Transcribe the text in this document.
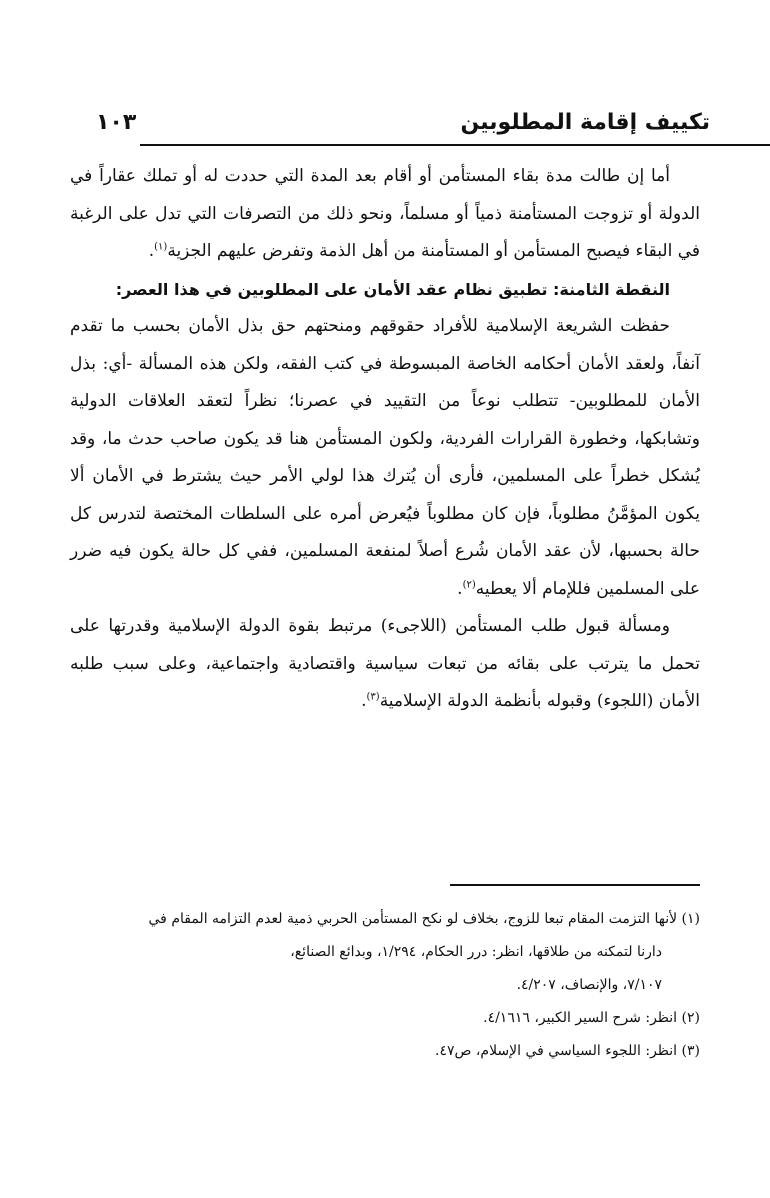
تكييف إقامة المطلوبين
١٠٣

أما إن طالت مدة بقاء المستأمن أو أقام بعد المدة التي حددت له أو تملك عقاراً في الدولة أو تزوجت المستأمنة ذمياً أو مسلماً، ونحو ذلك من التصرفات التي تدل على الرغبة في البقاء فيصبح المستأمن أو المستأمنة من أهل الذمة وتفرض عليهم الجزية$^{(١)}$.

النقطة الثامنة: تطبيق نظام عقد الأمان على المطلوبين في هذا العصر:

حفظت الشريعة الإسلامية للأفراد حقوقهم ومنحتهم حق بذل الأمان بحسب ما تقدم آنفاً، ولعقد الأمان أحكامه الخاصة المبسوطة في كتب الفقه، ولكن هذه المسألة -أي: بذل الأمان للمطلوبين- تتطلب نوعاً من التقييد في عصرنا؛ نظراً لتعقد العلاقات الدولية وتشابكها، وخطورة القرارات الفردية، ولكون المستأمن هنا قد يكون صاحب حدث ما، وقد يُشكل خطراً على المسلمين، فأرى أن يُترك هذا لولي الأمر حيث يشترط في الأمان ألا يكون المؤمَّنُ مطلوباً، فإن كان مطلوباً فيُعرض أمره على السلطات المختصة لتدرس كل حالة بحسبها، لأن عقد الأمان شُرع أصلاً لمنفعة المسلمين، ففي كل حالة يكون فيه ضرر على المسلمين فللإمام ألا يعطيه$^{(٢)}$.

ومسألة قبول طلب المستأمن (اللاجىء) مرتبط بقوة الدولة الإسلامية وقدرتها على تحمل ما يترتب على بقائه من تبعات سياسية واقتصادية واجتماعية، وعلى سبب طلبه الأمان (اللجوء) وقبوله بأنظمة الدولة الإسلامية$^{(٣)}$.

(١) لأنها التزمت المقام تبعا للزوج، بخلاف لو نكح المستأمن الحربي ذمية لعدم التزامه المقام في
دارنا لتمكنه من طلاقها، انظر: درر الحكام، ١/٢٩٤، وبدائع الصنائع،
٧/١٠٧، والإنصاف، ٤/٢٠٧.

(٢) انظر: شرح السير الكبير، ٤/١٦١٦.

(٣) انظر: اللجوء السياسي في الإسلام، ص٤٧.
